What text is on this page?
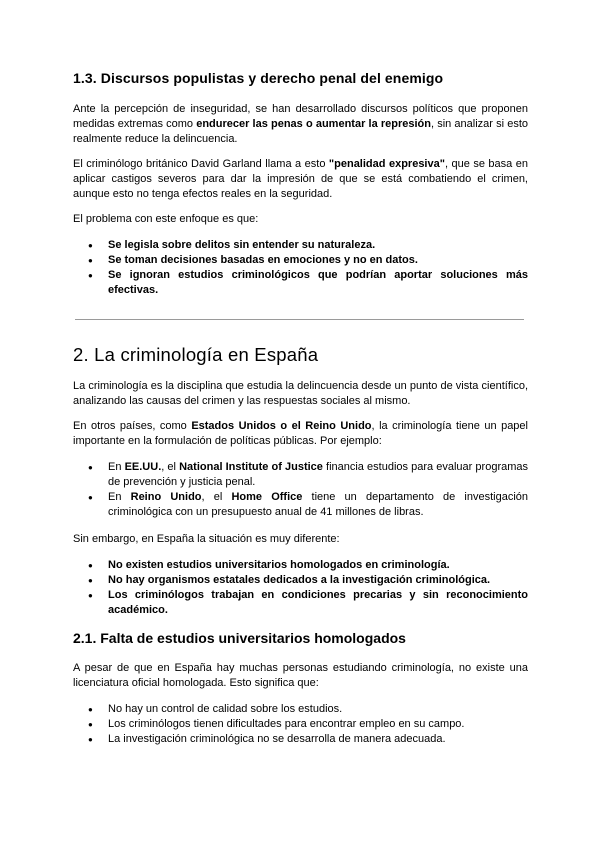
1.3. Discursos populistas y derecho penal del enemigo

Ante la percepción de inseguridad, se han desarrollado discursos políticos que proponen medidas extremas como endurecer las penas o aumentar la represión, sin analizar si esto realmente reduce la delincuencia.

El criminólogo británico David Garland llama a esto "penalidad expresiva", que se basa en aplicar castigos severos para dar la impresión de que se está combatiendo el crimen, aunque esto no tenga efectos reales en la seguridad.

El problema con este enfoque es que:

● Se legisla sobre delitos sin entender su naturaleza.
● Se toman decisiones basadas en emociones y no en datos.
● Se ignoran estudios criminológicos que podrían aportar soluciones más efectivas.
2. La criminología en España

La criminología es la disciplina que estudia la delincuencia desde un punto de vista científico, analizando las causas del crimen y las respuestas sociales al mismo.

En otros países, como Estados Unidos o el Reino Unido, la criminología tiene un papel importante en la formulación de políticas públicas. Por ejemplo:

● En EE.UU., el National Institute of Justice financia estudios para evaluar programas de prevención y justicia penal.
● En Reino Unido, el Home Office tiene un departamento de investigación criminológica con un presupuesto anual de 41 millones de libras.

Sin embargo, en España la situación es muy diferente:

● No existen estudios universitarios homologados en criminología.
● No hay organismos estatales dedicados a la investigación criminológica.
● Los criminólogos trabajan en condiciones precarias y sin reconocimiento académico.
2.1. Falta de estudios universitarios homologados

A pesar de que en España hay muchas personas estudiando criminología, no existe una licenciatura oficial homologada. Esto significa que:

● No hay un control de calidad sobre los estudios.
● Los criminólogos tienen dificultades para encontrar empleo en su campo.
● La investigación criminológica no se desarrolla de manera adecuada.
